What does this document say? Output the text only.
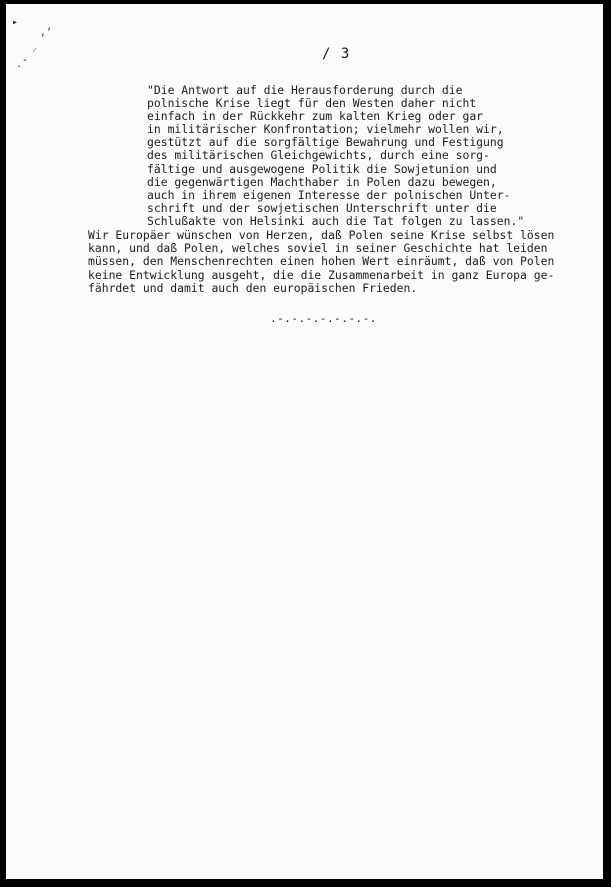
▸
‚‘
⸝
.ˇ
/ 3
"Die Antwort auf die Herausforderung durch die
polnische Krise liegt für den Westen daher nicht
einfach in der Rückkehr zum kalten Krieg oder gar
in militärischer Konfrontation; vielmehr wollen wir,
gestützt auf die sorgfältige Bewahrung und Festigung
des militärischen Gleichgewichts, durch eine sorg-
fältige und ausgewogene Politik die Sowjetunion und
die gegenwärtigen Machthaber in Polen dazu bewegen,
auch in ihrem eigenen Interesse der polnischen Unter-
schrift und der sowjetischen Unterschrift unter die
Schlußakte von Helsinki auch die Tat folgen zu lassen."
Wir Europäer wünschen von Herzen, daß Polen seine Krise selbst lösen
kann, und daß Polen, welches soviel in seiner Geschichte hat leiden
müssen, den Menschenrechten einen hohen Wert einräumt, daß von Polen
keine Entwicklung ausgeht, die die Zusammenarbeit in ganz Europa ge-
fährdet und damit auch den europäischen Frieden.
.-.-.-.-.-.-.-.
